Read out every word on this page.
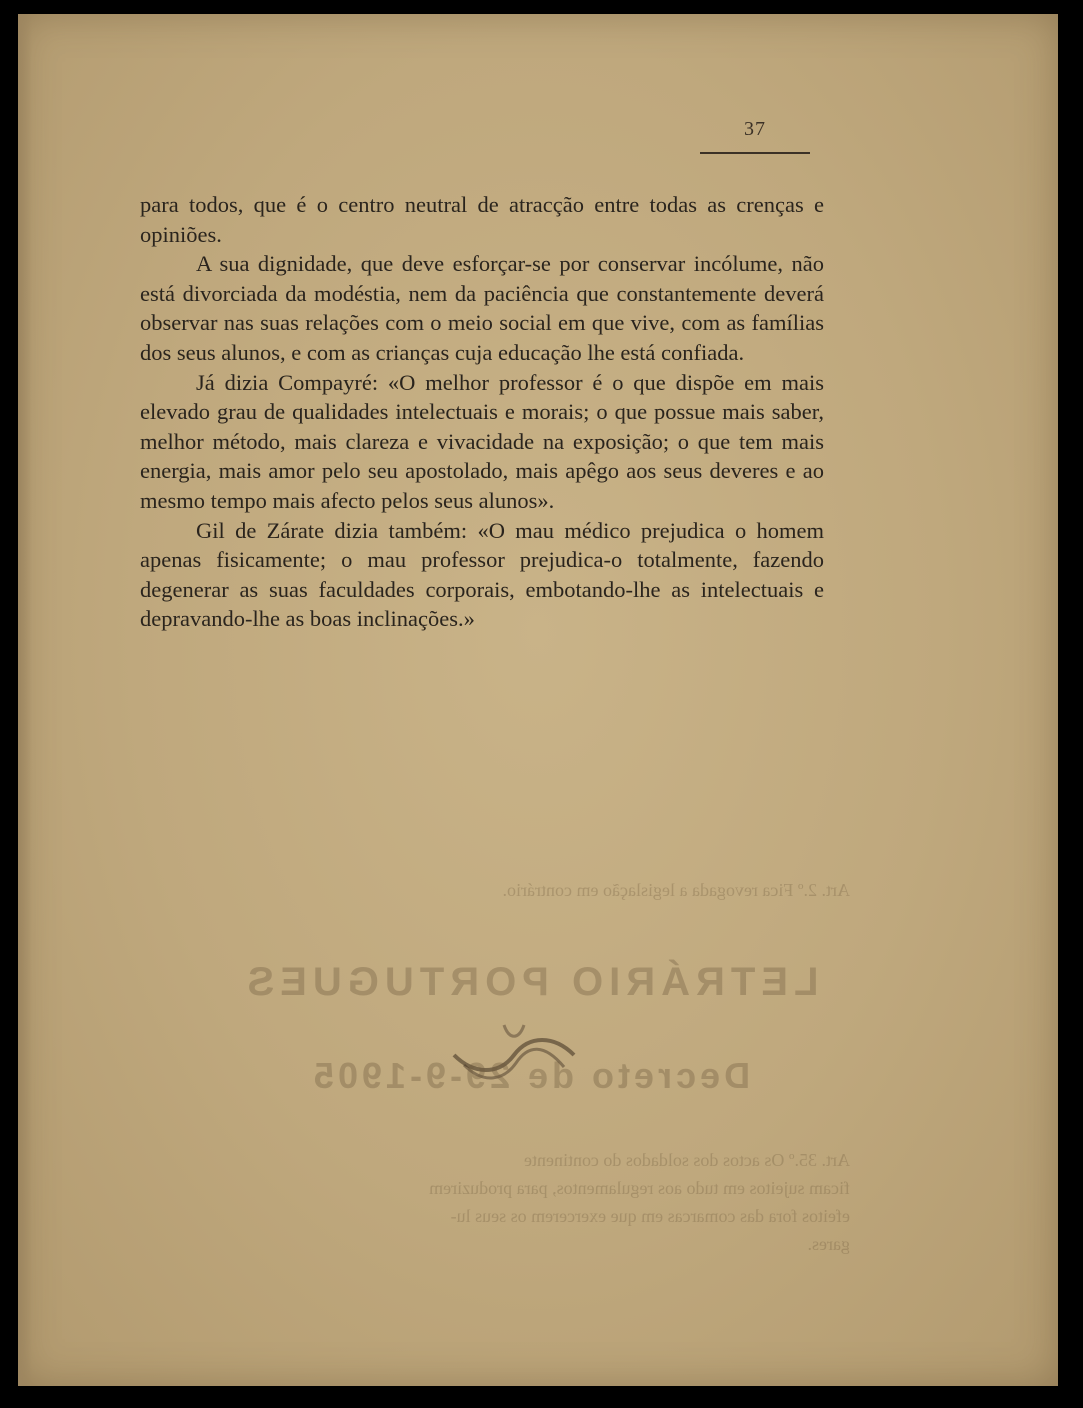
37

para todos, que é o centro neutral de atracção entre todas as crenças e opiniões.

A sua dignidade, que deve esforçar-se por conservar incólume, não está divorciada da modéstia, nem da paciência que constantemente deverá observar nas suas relações com o meio social em que vive, com as famílias dos seus alunos, e com as crianças cuja educação lhe está confiada.

Já dizia Compayré: «O melhor professor é o que dispõe em mais elevado grau de qualidades intelectuais e morais; o que possue mais saber, melhor método, mais clareza e vivacidade na exposição; o que tem mais energia, mais amor pelo seu apostolado, mais apêgo aos seus deveres e ao mesmo tempo mais afecto pelos seus alunos».

Gil de Zárate dizia também: «O mau médico prejudica o homem apenas fisicamente; o mau professor prejudica-o totalmente, fazendo degenerar as suas faculdades corporais, embotando-lhe as intelectuais e depravando-lhe as boas inclinações.»

Art. 2.º Fica revogada a legislação em contrário.
LETRÁRIO PORTUGUES
Decreto de 29-9-1905
Art. 35.º Os actos dos soldados do continente
ficam sujeitos em tudo aos regulamentos, para produzirem
efeitos fora das comarcas em que exercerem os seus lu-
gares.
